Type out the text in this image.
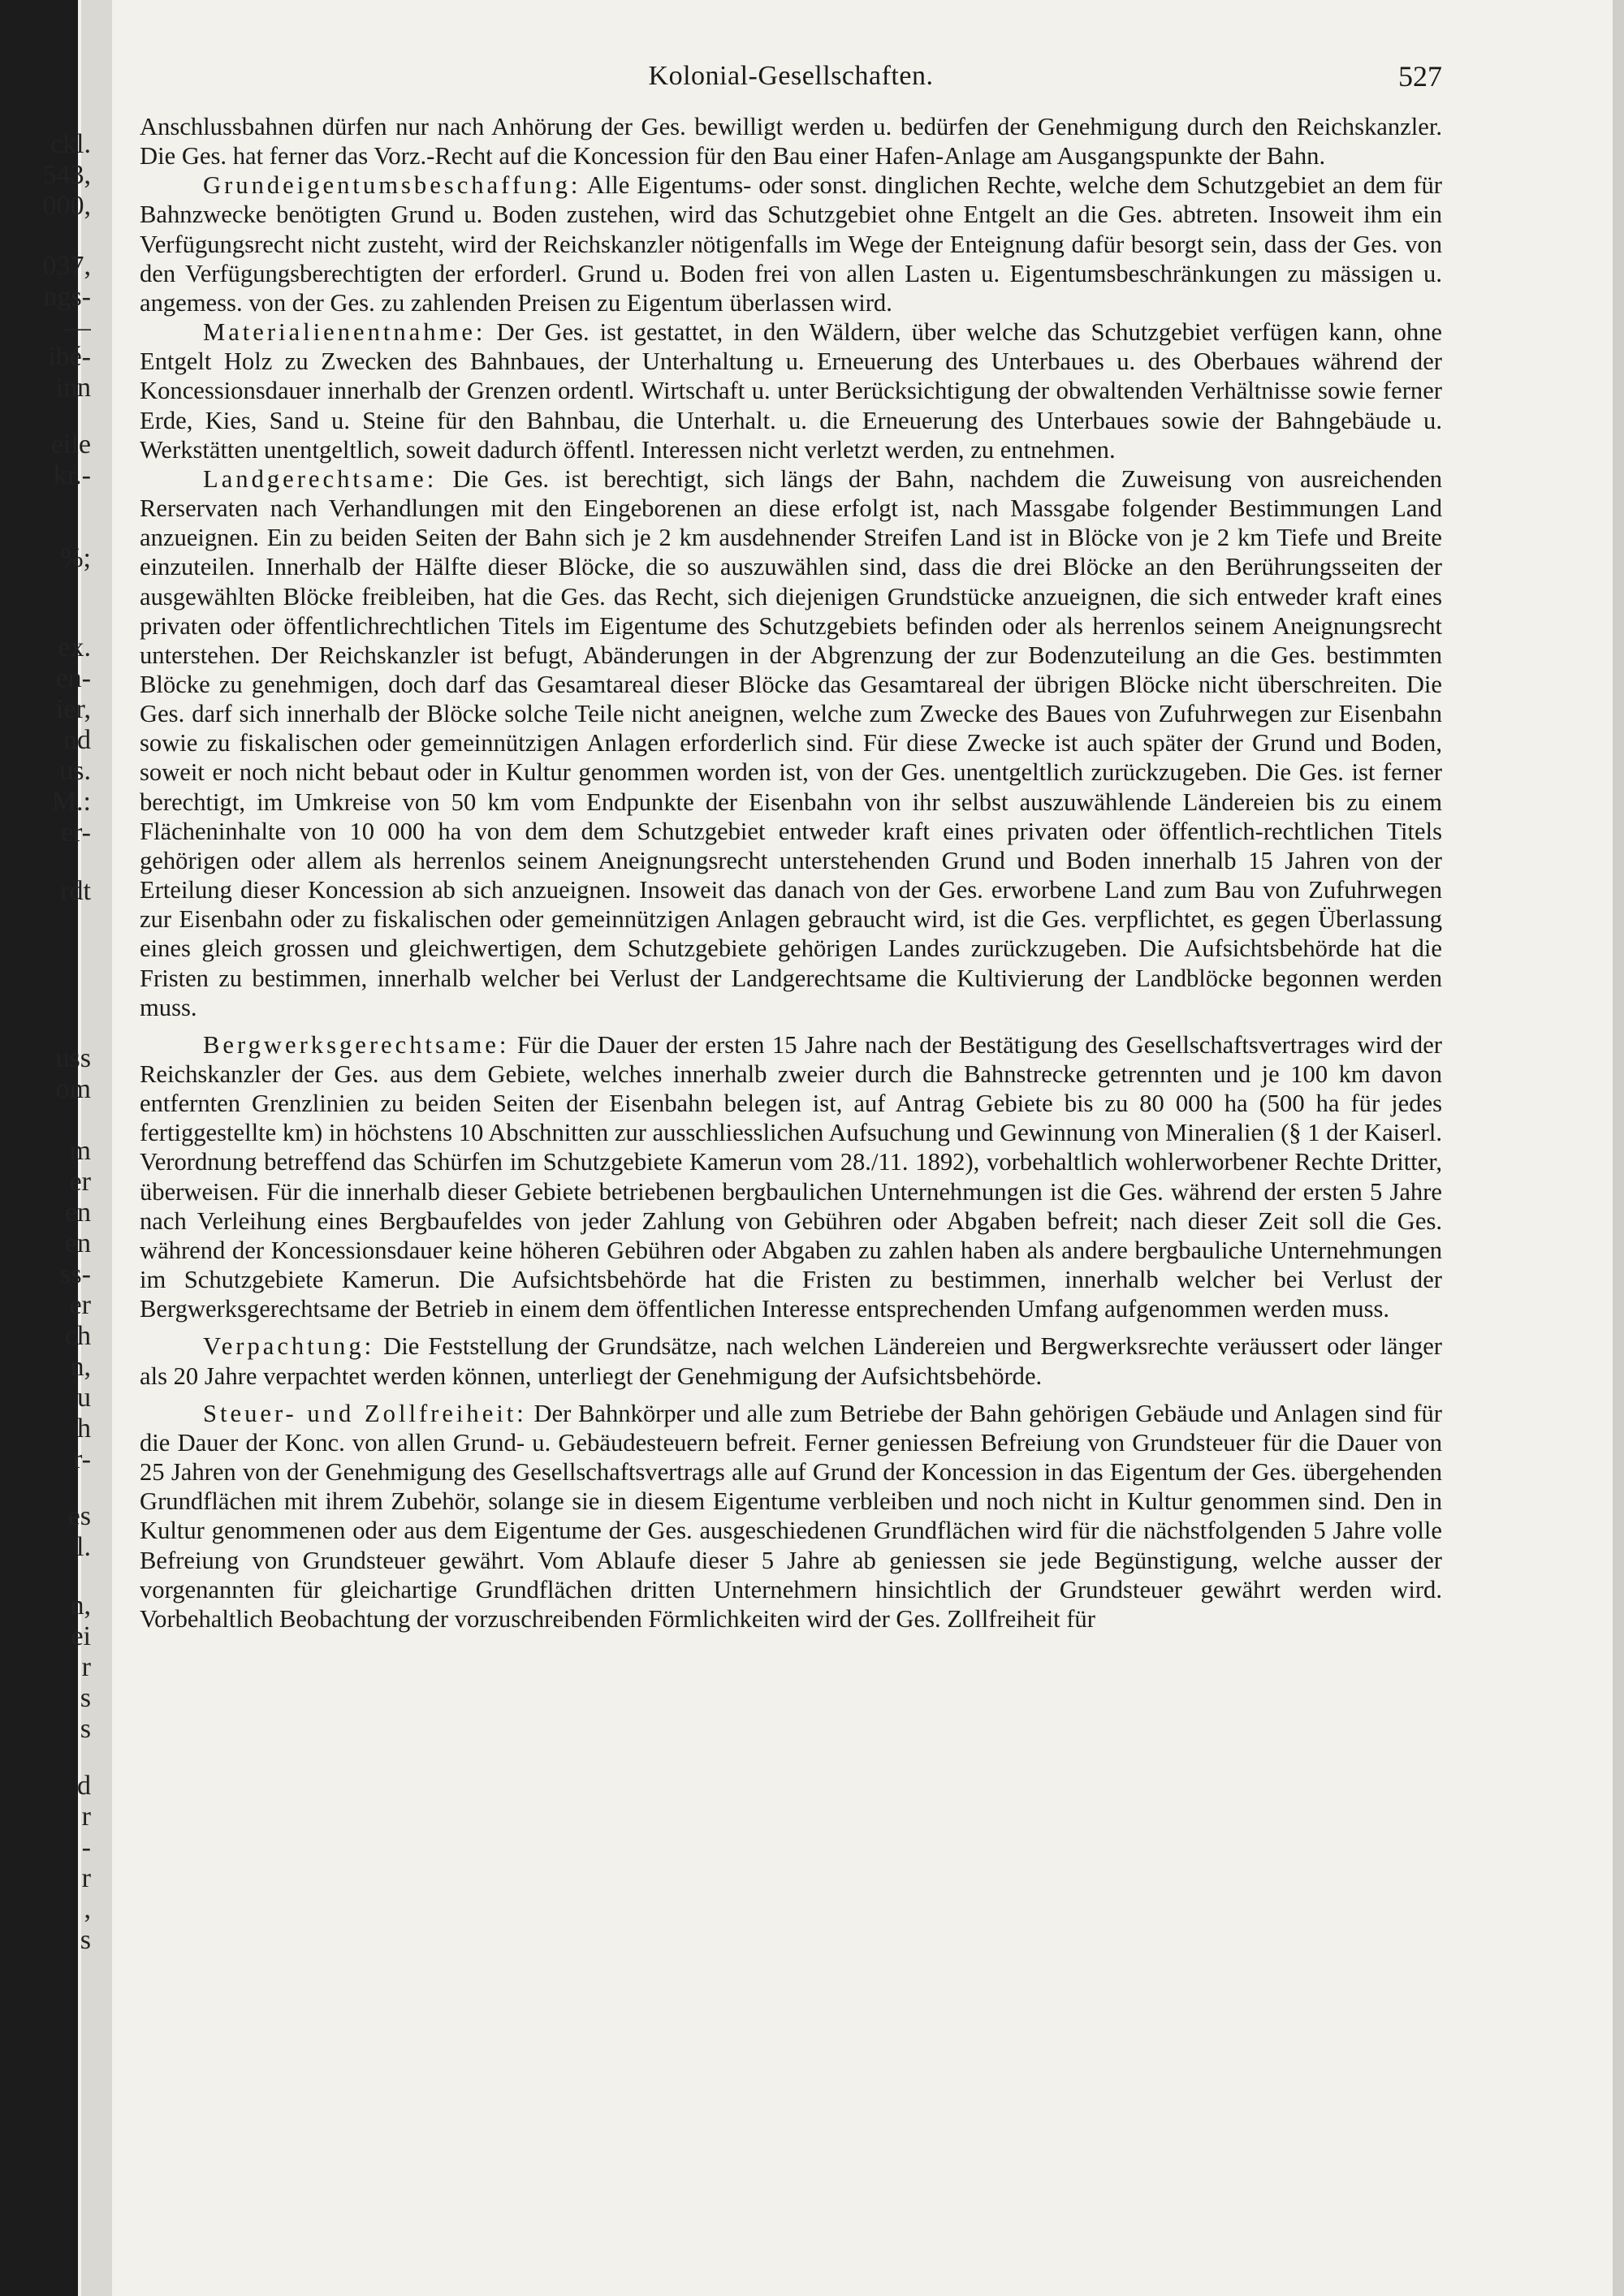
ckl.
543,
000,
037,
ngs-
—
ibé-
inn
eile
kr.-
%;
ex.
en-
ier,
nd
us.
M.:
er-
rdt
uss
om
m
er
en
en
ss-
er
ch
n,
u
h
r-
es
l.
n,
ei
r
s
s
d
r
-
r
,
s
Kolonial-Gesellschaften.	527

Anschlussbahnen dürfen nur nach Anhörung der Ges. bewilligt werden u. bedürfen der Genehmigung durch den Reichskanzler. Die Ges. hat ferner das Vorz.-Recht auf die Koncession für den Bau einer Hafen-Anlage am Ausgangspunkte der Bahn.

Grundeigentumsbeschaffung: Alle Eigentums- oder sonst. dinglichen Rechte, welche dem Schutzgebiet an dem für Bahnzwecke benötigten Grund u. Boden zustehen, wird das Schutzgebiet ohne Entgelt an die Ges. abtreten. Insoweit ihm ein Verfügungsrecht nicht zusteht, wird der Reichskanzler nötigenfalls im Wege der Enteignung dafür besorgt sein, dass der Ges. von den Verfügungsberechtigten der erforderl. Grund u. Boden frei von allen Lasten u. Eigentumsbeschränkungen zu mässigen u. angemess. von der Ges. zu zahlenden Preisen zu Eigentum überlassen wird.

Materialienentnahme: Der Ges. ist gestattet, in den Wäldern, über welche das Schutzgebiet verfügen kann, ohne Entgelt Holz zu Zwecken des Bahnbaues, der Unterhaltung u. Erneuerung des Unterbaues u. des Oberbaues während der Koncessionsdauer innerhalb der Grenzen ordentl. Wirtschaft u. unter Berücksichtigung der obwaltenden Verhältnisse sowie ferner Erde, Kies, Sand u. Steine für den Bahnbau, die Unterhalt. u. die Erneuerung des Unterbaues sowie der Bahngebäude u. Werkstätten unentgeltlich, soweit dadurch öffentl. Interessen nicht verletzt werden, zu entnehmen.

Landgerechtsame: Die Ges. ist berechtigt, sich längs der Bahn, nachdem die Zuweisung von ausreichenden Rerservaten nach Verhandlungen mit den Eingeborenen an diese erfolgt ist, nach Massgabe folgender Bestimmungen Land anzueignen. Ein zu beiden Seiten der Bahn sich je 2 km ausdehnender Streifen Land ist in Blöcke von je 2 km Tiefe und Breite einzuteilen. Innerhalb der Hälfte dieser Blöcke, die so auszuwählen sind, dass die drei Blöcke an den Berührungsseiten der ausgewählten Blöcke freibleiben, hat die Ges. das Recht, sich diejenigen Grundstücke anzueignen, die sich entweder kraft eines privaten oder öffentlichrechtlichen Titels im Eigentume des Schutzgebiets befinden oder als herrenlos seinem Aneignungsrecht unterstehen. Der Reichskanzler ist befugt, Abänderungen in der Abgrenzung der zur Bodenzuteilung an die Ges. bestimmten Blöcke zu genehmigen, doch darf das Gesamtareal dieser Blöcke das Gesamtareal der übrigen Blöcke nicht überschreiten. Die Ges. darf sich innerhalb der Blöcke solche Teile nicht aneignen, welche zum Zwecke des Baues von Zufuhrwegen zur Eisenbahn sowie zu fiskalischen oder gemeinnützigen Anlagen erforderlich sind. Für diese Zwecke ist auch später der Grund und Boden, soweit er noch nicht bebaut oder in Kultur genommen worden ist, von der Ges. unentgeltlich zurückzugeben. Die Ges. ist ferner berechtigt, im Umkreise von 50 km vom Endpunkte der Eisenbahn von ihr selbst auszuwählende Ländereien bis zu einem Flächeninhalte von 10 000 ha von dem dem Schutzgebiet entweder kraft eines privaten oder öffentlich-rechtlichen Titels gehörigen oder allem als herrenlos seinem Aneignungsrecht unterstehenden Grund und Boden innerhalb 15 Jahren von der Erteilung dieser Koncession ab sich anzueignen. Insoweit das danach von der Ges. erworbene Land zum Bau von Zufuhrwegen zur Eisenbahn oder zu fiskalischen oder gemeinnützigen Anlagen gebraucht wird, ist die Ges. verpflichtet, es gegen Überlassung eines gleich grossen und gleichwertigen, dem Schutzgebiete gehörigen Landes zurückzugeben. Die Aufsichtsbehörde hat die Fristen zu bestimmen, innerhalb welcher bei Verlust der Landgerechtsame die Kultivierung der Landblöcke begonnen werden muss.

Bergwerksgerechtsame: Für die Dauer der ersten 15 Jahre nach der Bestätigung des Gesellschaftsvertrages wird der Reichskanzler der Ges. aus dem Gebiete, welches innerhalb zweier durch die Bahnstrecke getrennten und je 100 km davon entfernten Grenzlinien zu beiden Seiten der Eisenbahn belegen ist, auf Antrag Gebiete bis zu 80 000 ha (500 ha für jedes fertiggestellte km) in höchstens 10 Abschnitten zur ausschliesslichen Aufsuchung und Gewinnung von Mineralien (§ 1 der Kaiserl. Verordnung betreffend das Schürfen im Schutzgebiete Kamerun vom 28./11. 1892), vorbehaltlich wohlerworbener Rechte Dritter, überweisen. Für die innerhalb dieser Gebiete betriebenen bergbaulichen Unternehmungen ist die Ges. während der ersten 5 Jahre nach Verleihung eines Bergbaufeldes von jeder Zahlung von Gebühren oder Abgaben befreit; nach dieser Zeit soll die Ges. während der Koncessionsdauer keine höheren Gebühren oder Abgaben zu zahlen haben als andere bergbauliche Unternehmungen im Schutzgebiete Kamerun. Die Aufsichtsbehörde hat die Fristen zu bestimmen, innerhalb welcher bei Verlust der Bergwerksgerechtsame der Betrieb in einem dem öffentlichen Interesse entsprechenden Umfang aufgenommen werden muss.

Verpachtung: Die Feststellung der Grundsätze, nach welchen Ländereien und Bergwerksrechte veräussert oder länger als 20 Jahre verpachtet werden können, unterliegt der Genehmigung der Aufsichtsbehörde.

Steuer- und Zollfreiheit: Der Bahnkörper und alle zum Betriebe der Bahn gehörigen Gebäude und Anlagen sind für die Dauer der Konc. von allen Grund- u. Gebäudesteuern befreit. Ferner geniessen Befreiung von Grundsteuer für die Dauer von 25 Jahren von der Genehmigung des Gesellschaftsvertrags alle auf Grund der Koncession in das Eigentum der Ges. übergehenden Grundflächen mit ihrem Zubehör, solange sie in diesem Eigentume verbleiben und noch nicht in Kultur genommen sind. Den in Kultur genommenen oder aus dem Eigentume der Ges. ausgeschiedenen Grundflächen wird für die nächstfolgenden 5 Jahre volle Befreiung von Grundsteuer gewährt. Vom Ablaufe dieser 5 Jahre ab geniessen sie jede Begünstigung, welche ausser der vorgenannten für gleichartige Grundflächen dritten Unternehmern hinsichtlich der Grundsteuer gewährt werden wird. Vorbehaltlich Beobachtung der vorzuschreibenden Förmlichkeiten wird der Ges. Zollfreiheit für
